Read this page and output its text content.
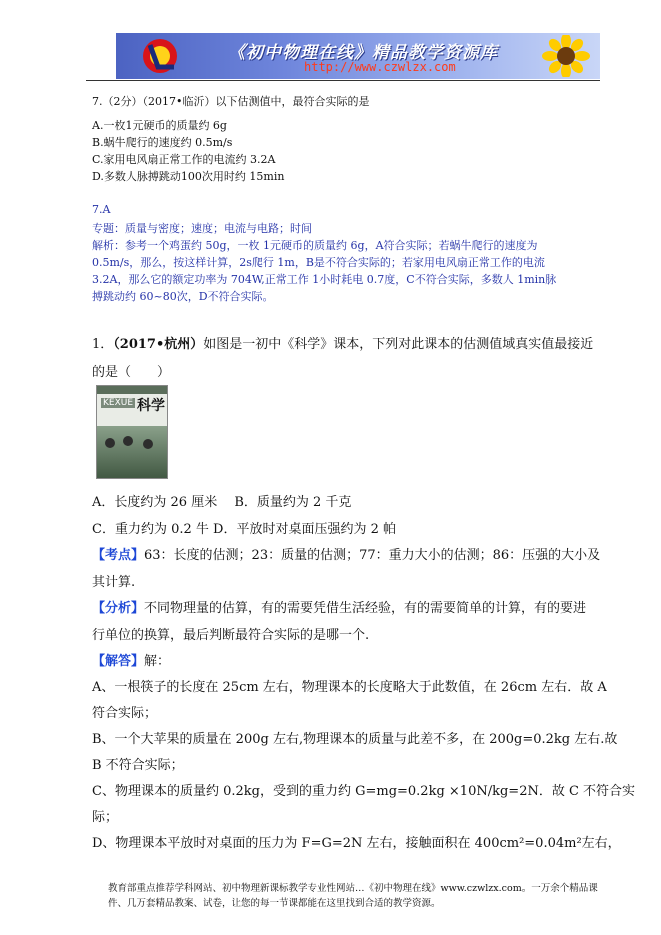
《初中物理在线》精品教学资源库
http://www.czwlzx.com
7.（2分）（2017•临沂）以下估测值中，最符合实际的是
A.一枚1元硬币的质量约 6g
B.蜗牛爬行的速度约 0.5m/s
C.家用电风扇正常工作的电流约 3.2A
D.多数人脉搏跳动100次用时约 15min
7.A
专题：质量与密度；速度；电流与电路；时间
解析：参考一个鸡蛋约 50g，一枚 1元硬币的质量约 6g，A符合实际；若蜗牛爬行的速度为
0.5m/s，那么，按这样计算，2s爬行 1m，B是不符合实际的；若家用电风扇正常工作的电流
3.2A，那么它的额定功率为 704W,正常工作 1小时耗电 0.7度，C不符合实际，多数人 1min脉
搏跳动约 60~80次，D不符合实际。
1．（2017•杭州）如图是一初中《科学》课本，下列对此课本的估测值域真实值最接近
的是（　　）
KEXUE 科学
A．长度约为 26 厘米　 B．质量约为 2 千克
C．重力约为 0.2 牛 D．平放时对桌面压强约为 2 帕
【考点】63：长度的估测；23：质量的估测；77：重力大小的估测；86：压强的大小及
其计算.
【分析】不同物理量的估算，有的需要凭借生活经验，有的需要简单的计算，有的要进
行单位的换算，最后判断最符合实际的是哪一个.
【解答】解：
A、一根筷子的长度在 25cm 左右，物理课本的长度略大于此数值，在 26cm 左右．故 A
符合实际；
B、一个大苹果的质量在 200g 左右,物理课本的质量与此差不多，在 200g=0.2kg 左右.故
B 不符合实际；
C、物理课本的质量约 0.2kg，受到的重力约 G=mg=0.2kg ×10N/kg=2N．故 C 不符合实
际；
D、物理课本平放时对桌面的压力为 F=G=2N 左右，接触面积在 400cm²=0.04m²左右，
教育部重点推荐学科网站、初中物理新课标教学专业性网站…《初中物理在线》www.czwlzx.com。一万余个精品课
件、几万套精品教案、试卷，让您的每一节课都能在这里找到合适的教学资源。
